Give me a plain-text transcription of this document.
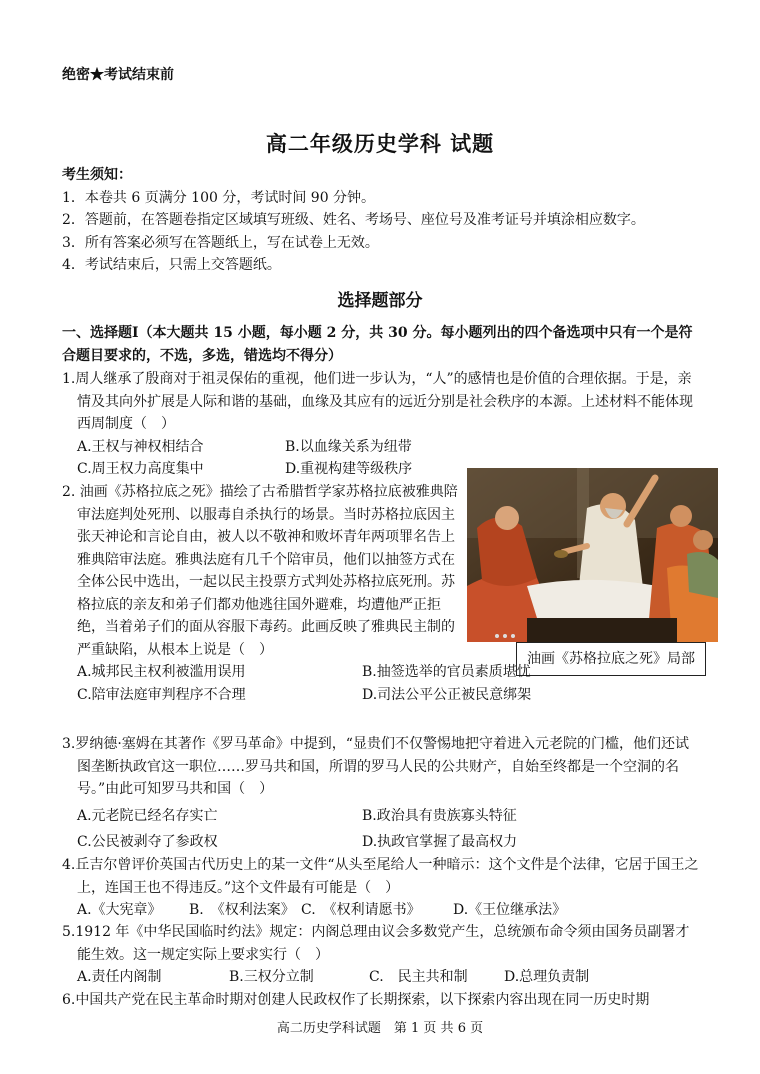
绝密★考试结束前
高二年级历史学科 试题
考生须知：
1．本卷共 6 页满分 100 分，考试时间 90 分钟。
2．答题前，在答题卷指定区域填写班级、姓名、考场号、座位号及准考证号并填涂相应数字。
3．所有答案必须写在答题纸上，写在试卷上无效。
4．考试结束后，只需上交答题纸。
选择题部分
一、选择题Ⅰ（本大题共 15 小题，每小题 2 分，共 30 分。每小题列出的四个备选项中只有一个是符合题目要求的，不选，多选，错选均不得分）
1.周人继承了殷商对于祖灵保佑的重视，他们进一步认为，“人”的感情也是价值的合理依据。于是，亲情及其向外扩展是人际和谐的基础，血缘及其应有的远近分别是社会秩序的本源。上述材料不能体现西周制度（　）
A.王权与神权相结合	B.以血缘关系为纽带
C.周王权力高度集中	D.重视构建等级秩序
油画《苏格拉底之死》局部
2. 油画《苏格拉底之死》描绘了古希腊哲学家苏格拉底被雅典陪审法庭判处死刑、以服毒自杀执行的场景。当时苏格拉底因主张天神论和言论自由，被人以不敬神和败坏青年两项罪名告上雅典陪审法庭。雅典法庭有几千个陪审员，他们以抽签方式在全体公民中选出，一起以民主投票方式判处苏格拉底死刑。苏格拉底的亲友和弟子们都劝他逃往国外避难，均遭他严正拒绝，当着弟子们的面从容服下毒药。此画反映了雅典民主制的严重缺陷，从根本上说是（　）
A.城邦民主权利被滥用误用	B.抽签选举的官员素质堪忧
C.陪审法庭审判程序不合理	D.司法公平公正被民意绑架
3.罗纳德·塞姆在其著作《罗马革命》中提到，“显贵们不仅警惕地把守着进入元老院的门槛，他们还试图垄断执政官这一职位……罗马共和国，所谓的罗马人民的公共财产，自始至终都是一个空洞的名号。”由此可知罗马共和国（　）
A.元老院已经名存实亡	B.政治具有贵族寡头特征
C.公民被剥夺了参政权	D.执政官掌握了最高权力
4.丘吉尔曾评价英国古代历史上的某一文件“从头至尾给人一种暗示：这个文件是个法律，它居于国王之上，连国王也不得违反。”这个文件最有可能是（　）
A.《大宪章》	B.　《权利法案》 C.　《权利请愿书》	D.《王位继承法》
5.1912 年《中华民国临时约法》规定：内阁总理由议会多数党产生，总统颁布命令须由国务员副署才能生效。这一规定实际上要求实行（　）
A.责任内阁制	B.三权分立制	C.　民主共和制	D.总理负责制
6.中国共产党在民主革命时期对创建人民政权作了长期探索，以下探索内容出现在同一历史时期
高二历史学科试题　第 1 页 共 6 页
